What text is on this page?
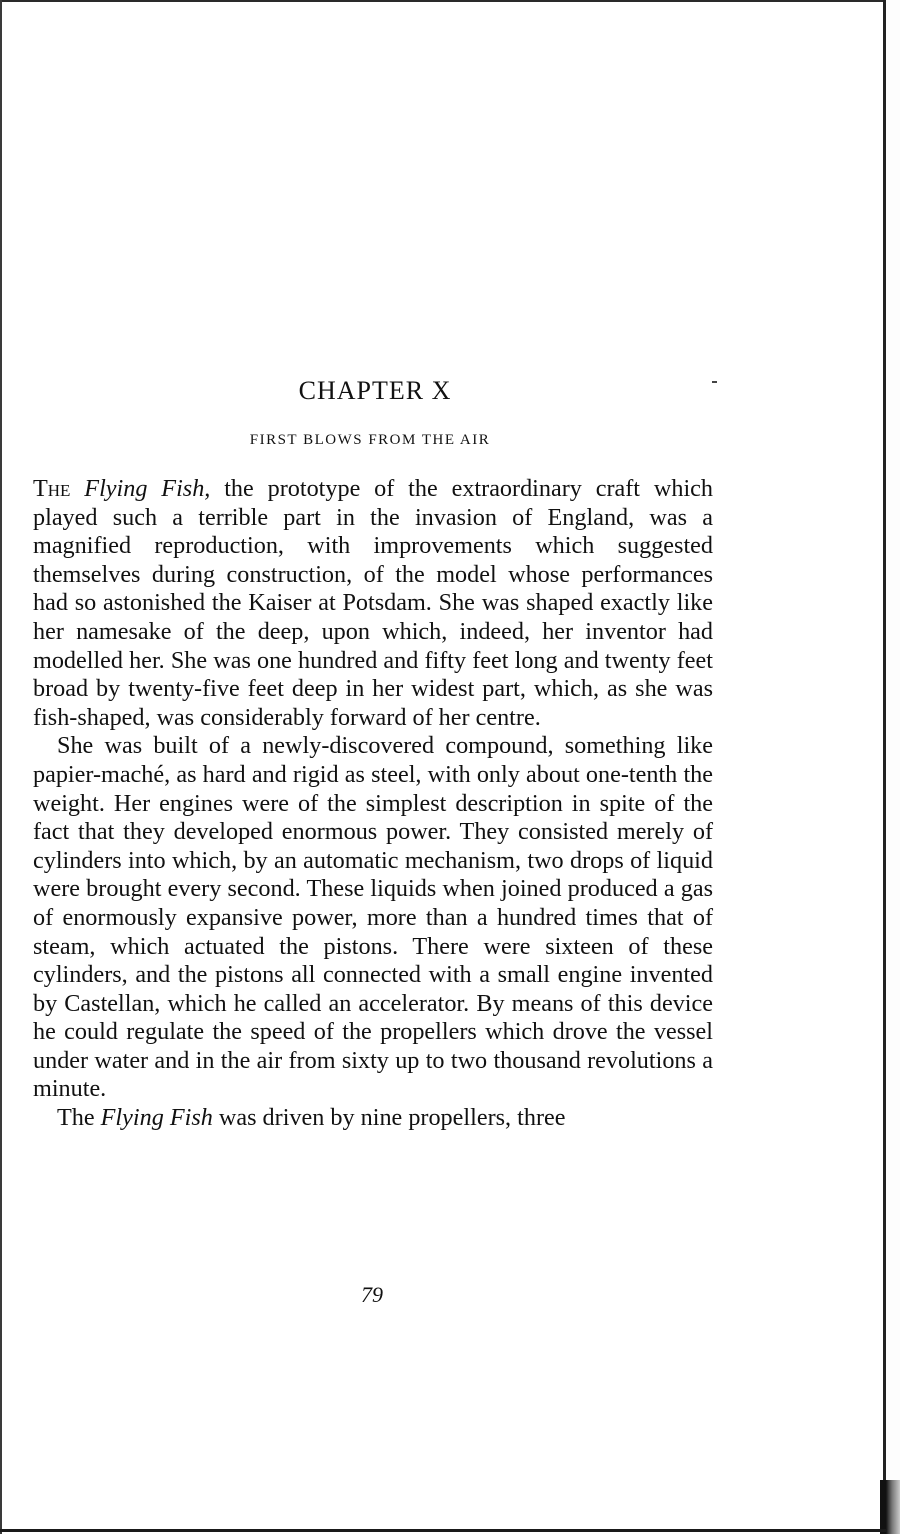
CHAPTER X
FIRST BLOWS FROM THE AIR

The Flying Fish, the prototype of the extraordinary craft which played such a terrible part in the invasion of England, was a magnified reproduction, with improvements which suggested themselves during construction, of the model whose performances had so astonished the Kaiser at Potsdam. She was shaped exactly like her namesake of the deep, upon which, indeed, her inventor had modelled her. She was one hundred and fifty feet long and twenty feet broad by twenty-five feet deep in her widest part, which, as she was fish-shaped, was considerably forward of her centre.

She was built of a newly-discovered compound, something like papier-maché, as hard and rigid as steel, with only about one-tenth the weight. Her engines were of the simplest description in spite of the fact that they developed enormous power. They consisted merely of cylinders into which, by an automatic mechanism, two drops of liquid were brought every second. These liquids when joined produced a gas of enormously expansive power, more than a hundred times that of steam, which actuated the pistons. There were sixteen of these cylinders, and the pistons all connected with a small engine invented by Castellan, which he called an accelerator. By means of this device he could regulate the speed of the propellers which drove the vessel under water and in the air from sixty up to two thousand revolutions a minute.

The Flying Fish was driven by nine propellers, three

79
